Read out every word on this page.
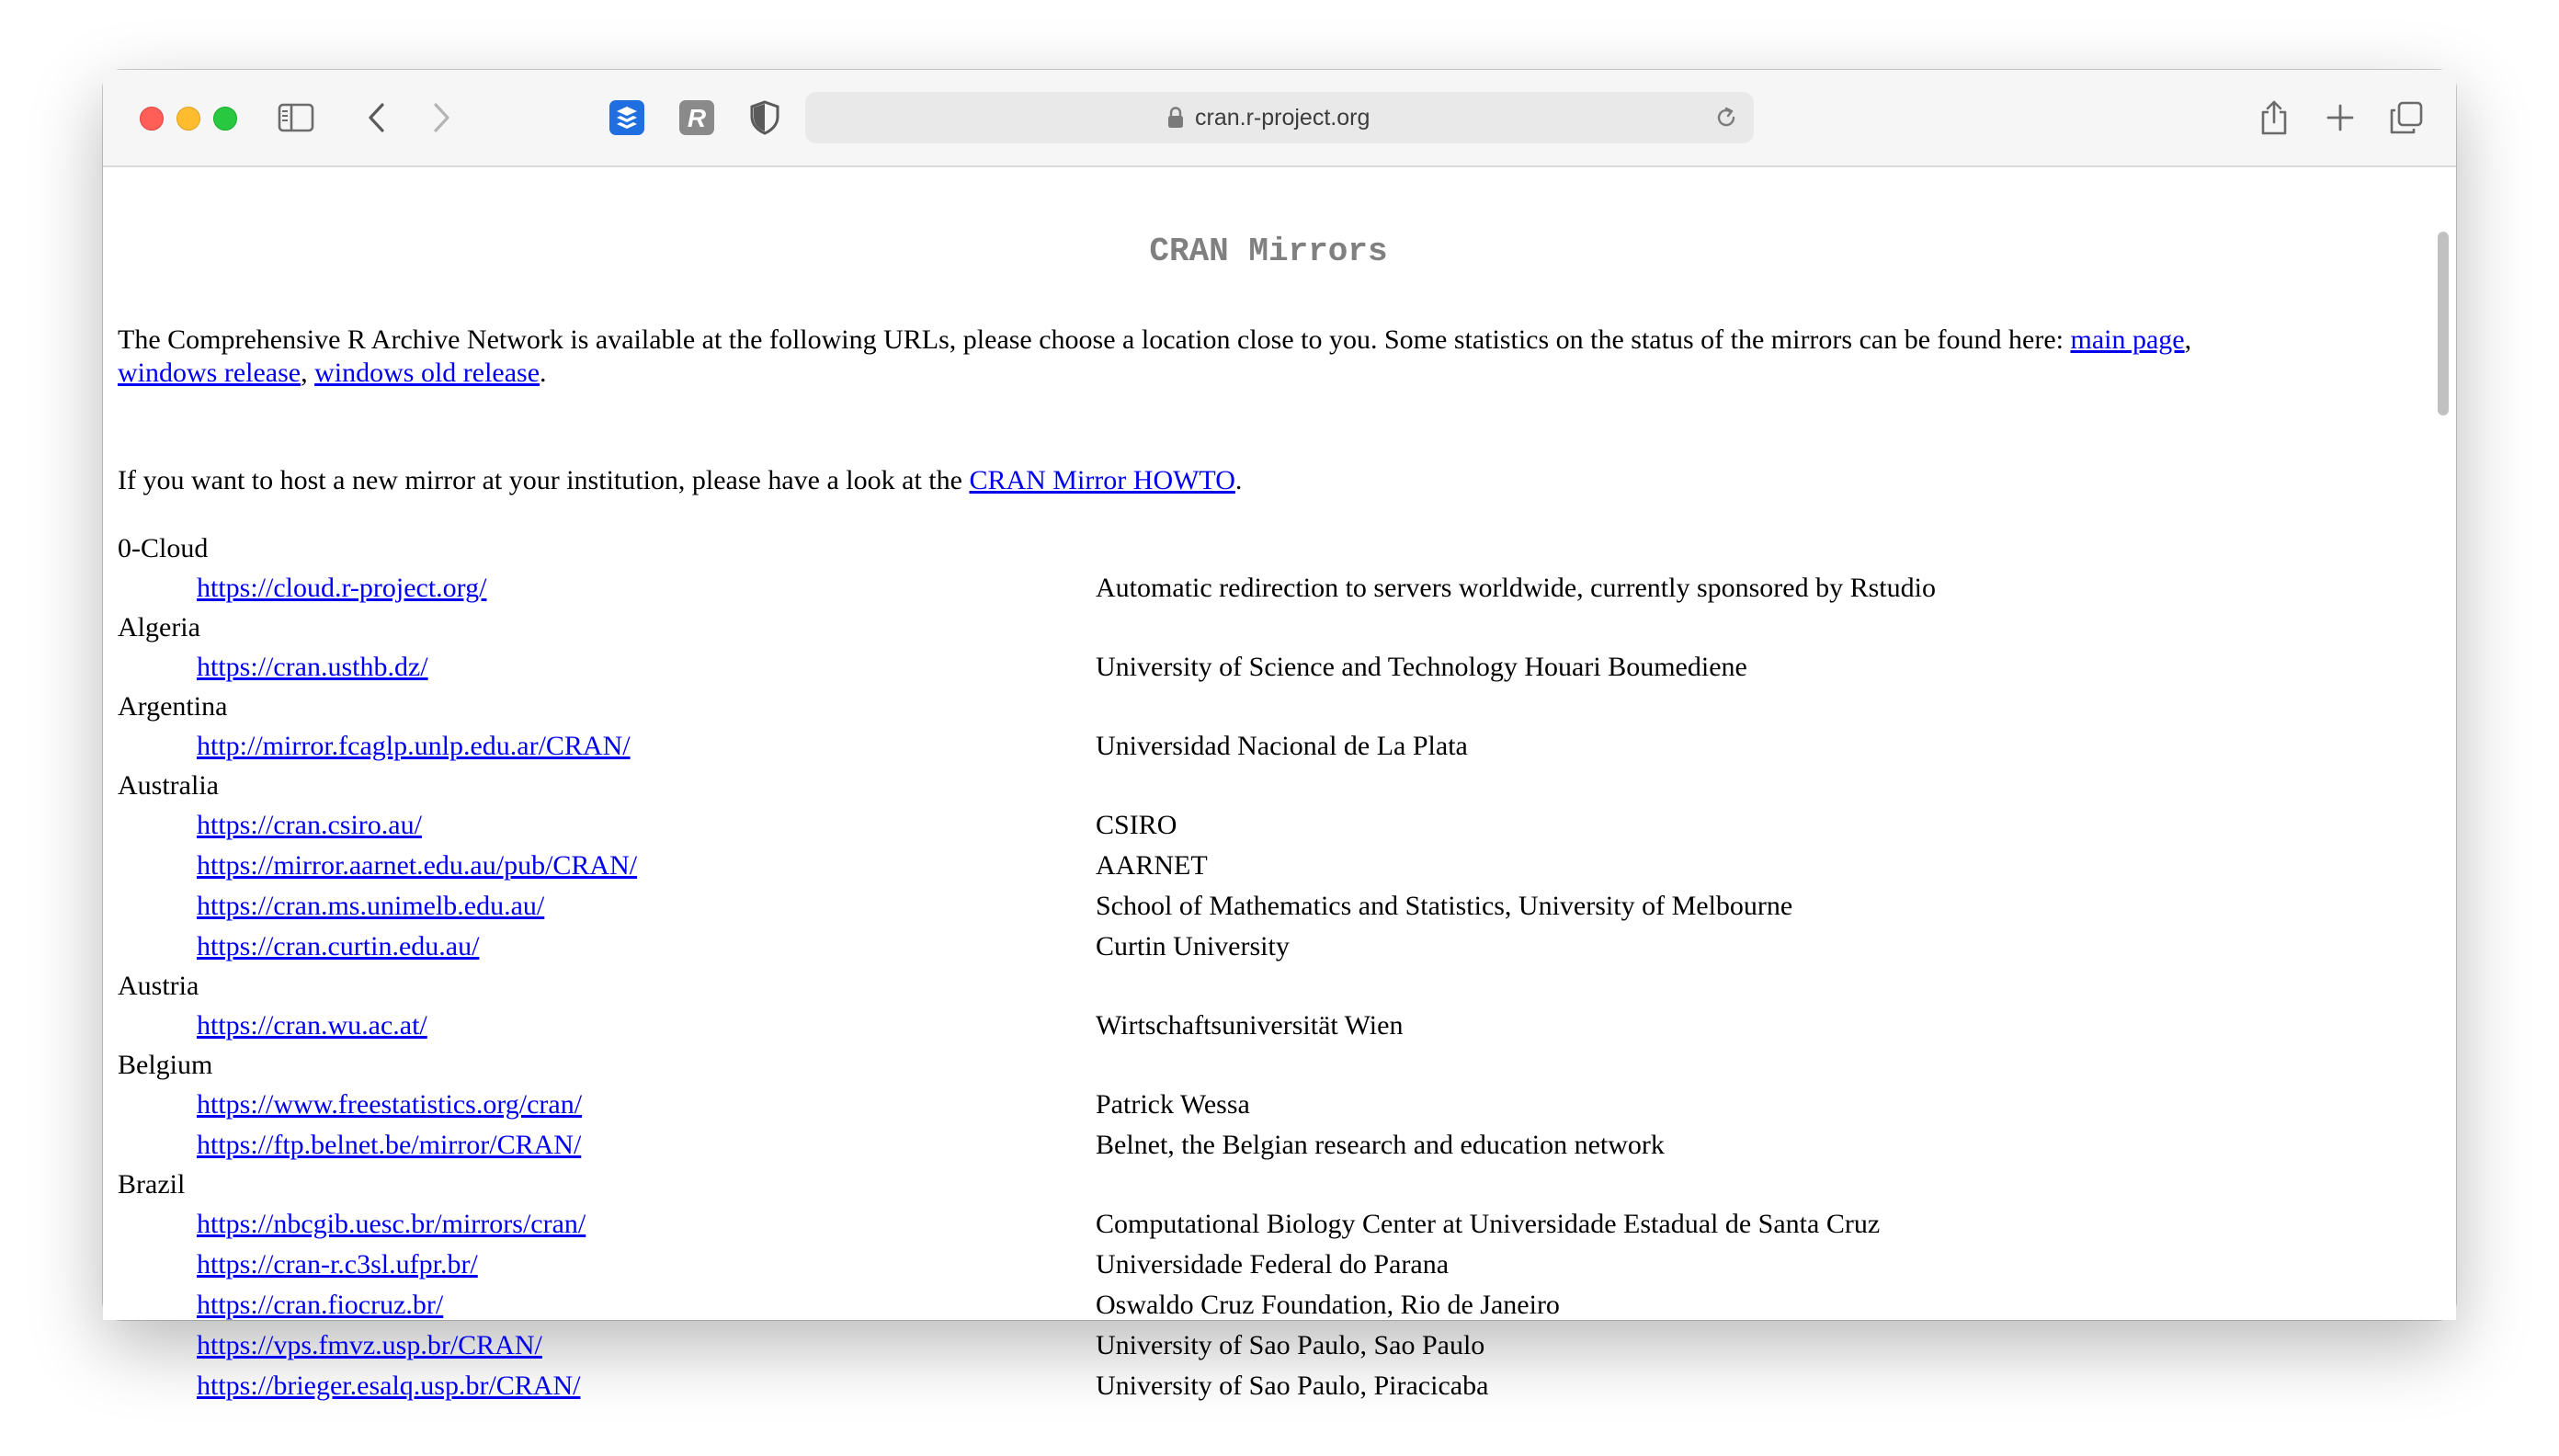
R	cran.r-project.org
CRAN Mirrors
The Comprehensive R Archive Network is available at the following URLs, please choose a location close to you. Some statistics on the status of the mirrors can be found here: main page,
windows release, windows old release.
If you want to host a new mirror at your institution, please have a look at the CRAN Mirror HOWTO.
0-Cloud
https://cloud.r-project.org/	Automatic redirection to servers worldwide, currently sponsored by Rstudio
Algeria
https://cran.usthb.dz/	University of Science and Technology Houari Boumediene
Argentina
http://mirror.fcaglp.unlp.edu.ar/CRAN/	Universidad Nacional de La Plata
Australia
https://cran.csiro.au/	CSIRO
https://mirror.aarnet.edu.au/pub/CRAN/	AARNET
https://cran.ms.unimelb.edu.au/	School of Mathematics and Statistics, University of Melbourne
https://cran.curtin.edu.au/	Curtin University
Austria
https://cran.wu.ac.at/	Wirtschaftsuniversität Wien
Belgium
https://www.freestatistics.org/cran/	Patrick Wessa
https://ftp.belnet.be/mirror/CRAN/	Belnet, the Belgian research and education network
Brazil
https://nbcgib.uesc.br/mirrors/cran/	Computational Biology Center at Universidade Estadual de Santa Cruz
https://cran-r.c3sl.ufpr.br/	Universidade Federal do Parana
https://cran.fiocruz.br/	Oswaldo Cruz Foundation, Rio de Janeiro
https://vps.fmvz.usp.br/CRAN/	University of Sao Paulo, Sao Paulo
https://brieger.esalq.usp.br/CRAN/	University of Sao Paulo, Piracicaba
